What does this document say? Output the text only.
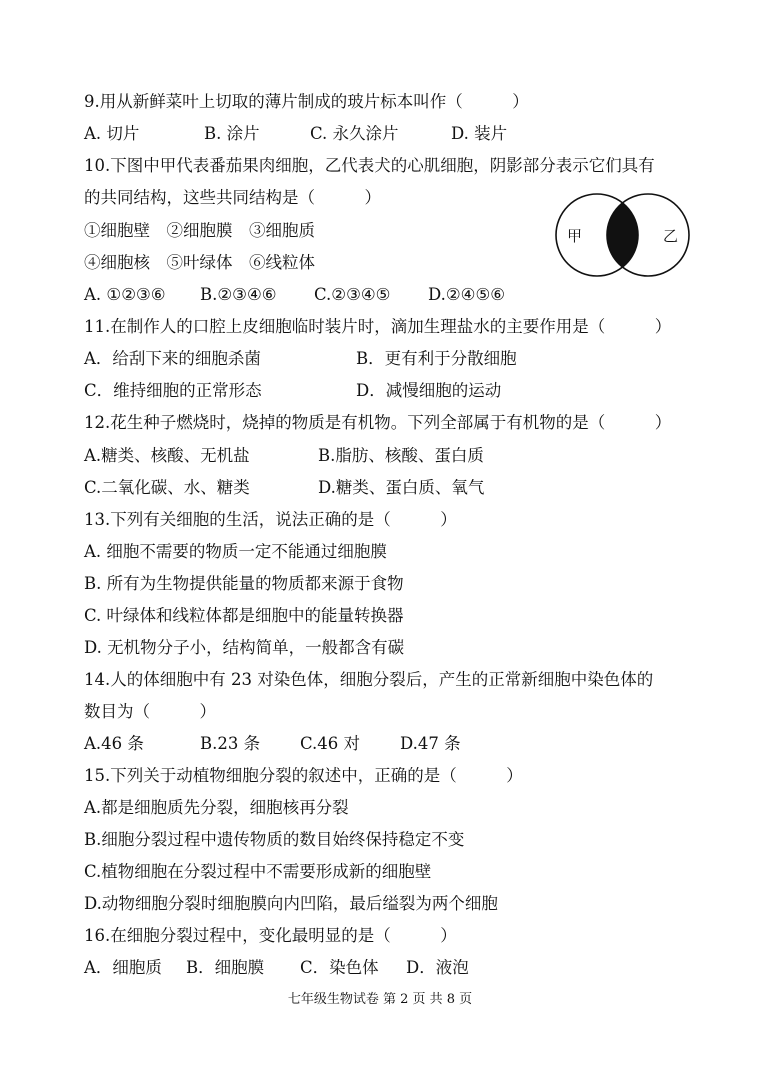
9.用从新鲜菜叶上切取的薄片制成的玻片标本叫作（　　　）
A. 切片	B. 涂片	C. 永久涂片	D. 装片
10.下图中甲代表番茄果肉细胞，乙代表犬的心肌细胞，阴影部分表示它们具有
的共同结构，这些共同结构是（　　　）
①细胞壁　②细胞膜　③细胞质
④细胞核　⑤叶绿体　⑥线粒体
A. ①②③⑥ B.②③④⑥ C.②③④⑤ D.②④⑤⑥
甲	乙
11.在制作人的口腔上皮细胞临时装片时，滴加生理盐水的主要作用是（　　　）
A．给刮下来的细胞杀菌	B．更有利于分散细胞
C．维持细胞的正常形态	D．减慢细胞的运动
12.花生种子燃烧时，烧掉的物质是有机物。下列全部属于有机物的是（　　　）
A.糖类、核酸、无机盐	B.脂肪、核酸、蛋白质
C.二氧化碳、水、糖类	D.糖类、蛋白质、氧气
13.下列有关细胞的生活，说法正确的是（　　　）
A. 细胞不需要的物质一定不能通过细胞膜
B. 所有为生物提供能量的物质都来源于食物
C. 叶绿体和线粒体都是细胞中的能量转换器
D. 无机物分子小，结构简单，一般都含有碳
14.人的体细胞中有 23 对染色体，细胞分裂后，产生的正常新细胞中染色体的
数目为（　　　）
A.46 条	B.23 条 C.46 对 D.47 条
15.下列关于动植物细胞分裂的叙述中，正确的是（　　　）
A.都是细胞质先分裂，细胞核再分裂
B.细胞分裂过程中遗传物质的数目始终保持稳定不变
C.植物细胞在分裂过程中不需要形成新的细胞壁
D.动物细胞分裂时细胞膜向内凹陷，最后缢裂为两个细胞
16.在细胞分裂过程中，变化最明显的是（　　　）
A．细胞质 B．细胞膜 C．染色体 D．液泡
七年级生物试卷 第 2 页 共 8 页
